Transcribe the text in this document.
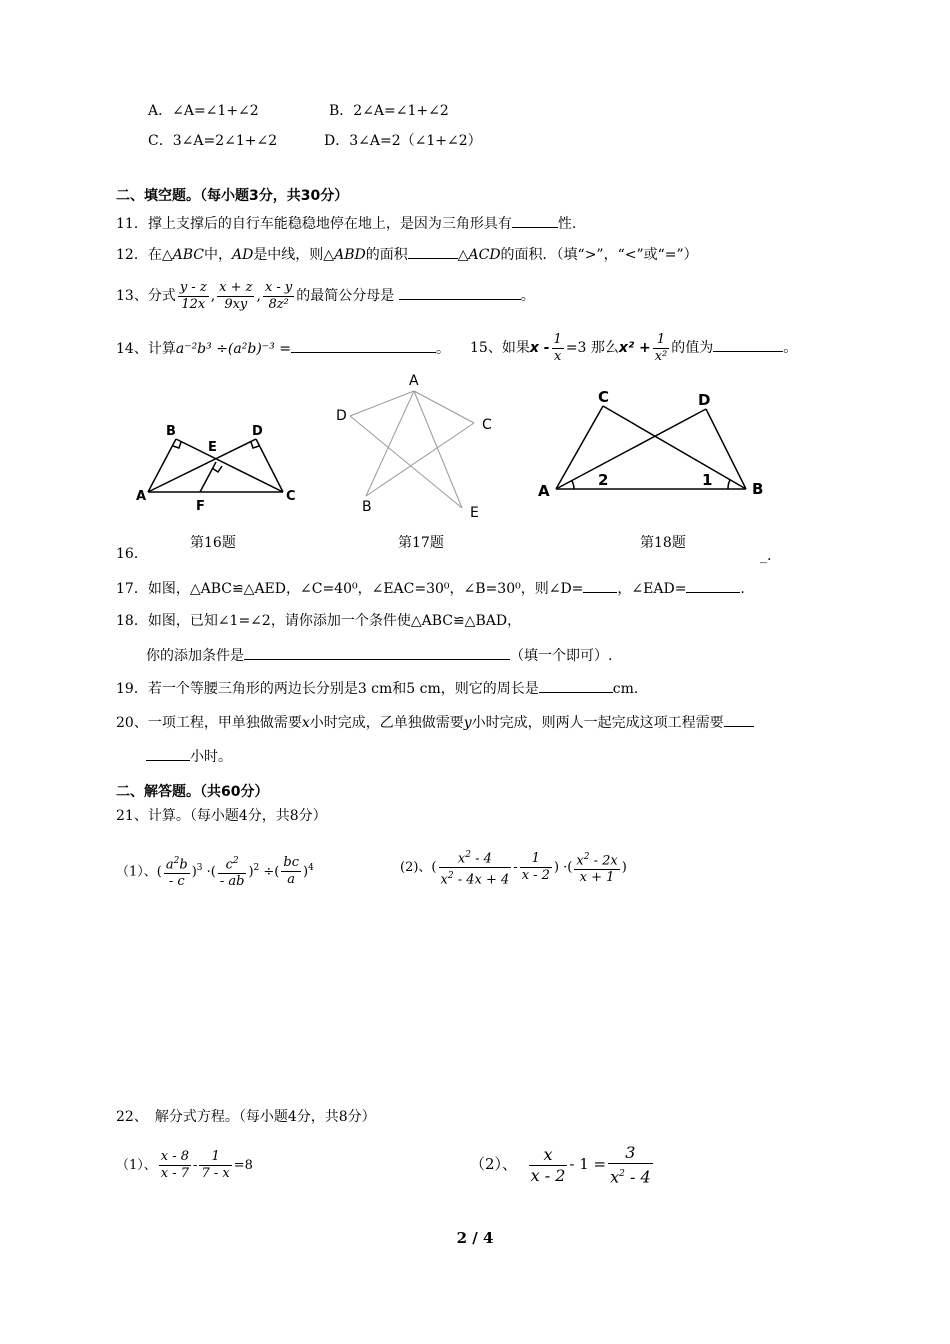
A．∠A=∠1+∠2	B．2∠A=∠1+∠2
C．3∠A=2∠1+∠2	D．3∠A=2（∠1+∠2）
二、填空题。（每小题3分，共30分）
11．撑上支撑后的自行车能稳稳地停在地上，是因为三角形具有	性.
12．在△ABC中，AD是中线，则△ABD的面积	△ACD的面积．（填“>”，“<”或“=”）
13、分式 $\frac{y - z}{12x}$ , $\frac{x + z}{9xy}$ , $\frac{x - y}{\text{8z²}}$ 的最简公分母是	。
14、计算a⁻²b³ ÷(a²b)⁻³ =	。 15、如果$x - \frac{1}{x} =3$ 那么$x^2 + \frac{1}{\text{x²}}$ 的值为	。
A
B
E
D
F
C
第16题
A
D
C
B	E
第17题
C	D
A	B
2	1
第18题
16．	_.
17．如图，△ABC≌△AED，∠C=40⁰，∠EAC=30⁰，∠B=30⁰，则∠D= ，∠EAD=	.
18．如图，已知∠1=∠2，请你添加一个条件使△ABC≌△BAD，
你的添加条件是	（填一个即可）.
19．若一个等腰三角形的两边长分别是3 cm和5 cm，则它的周长是	cm.
20、一项工程，甲单独做需要x小时完成，乙单独做需要y小时完成，则两人一起完成这项工程需要
小时。
二、解答题。（共60分）
21、计算。（每小题4分，共8分）
（1）、( $\frac{a^2b}{- c} )^3$ ·( $\frac{c^2}{- ab} )^2$ ÷( $\frac{bc}{a} )^4$	(2)、( $\frac{x^2 - 4}{x^2 - 4x + 4} - \frac{1}{x - 2}$ ) ·( $\frac{x^2 - 2x}{x + 1}$ )
22、　解分式方程。（每小题4分，共8分）
（1）、 $\frac{x - 8}{x - 7} - \frac{1}{7 - x} =8$	（2）、 $\frac{x}{x - 2} - 1 = \frac{3}{x^2 - 4}$
2 / 4
